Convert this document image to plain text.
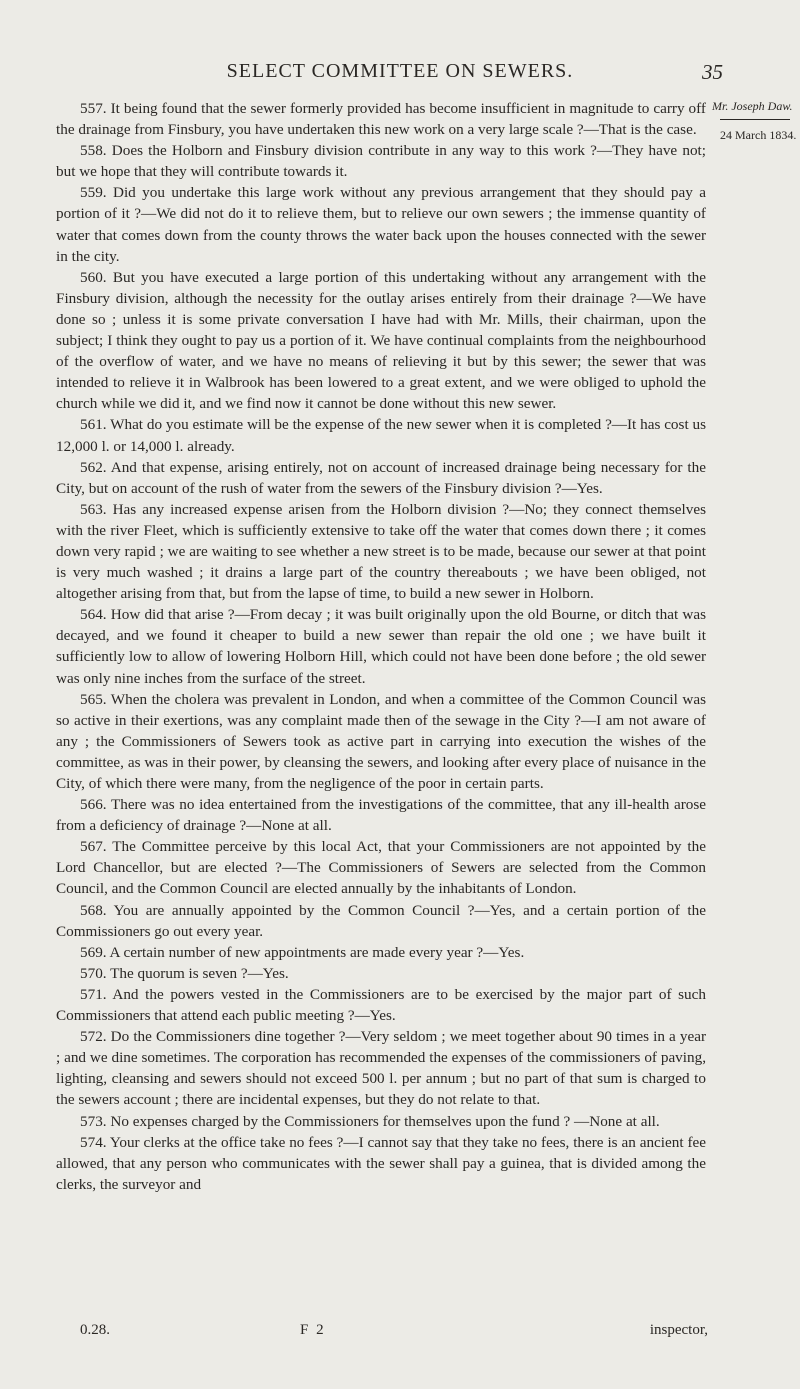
SELECT COMMITTEE ON SEWERS.	35
Mr. Joseph Daw.
24 March 1834.

557. It being found that the sewer formerly provided has become insufficient in magnitude to carry off the drainage from Finsbury, you have undertaken this new work on a very large scale ?—That is the case.

558. Does the Holborn and Finsbury division contribute in any way to this work ?—They have not; but we hope that they will contribute towards it.

559. Did you undertake this large work without any previous arrangement that they should pay a portion of it ?—We did not do it to relieve them, but to relieve our own sewers ; the immense quantity of water that comes down from the county throws the water back upon the houses connected with the sewer in the city.

560. But you have executed a large portion of this undertaking without any arrangement with the Finsbury division, although the necessity for the outlay arises entirely from their drainage ?—We have done so ; unless it is some private conversation I have had with Mr. Mills, their chairman, upon the subject; I think they ought to pay us a portion of it. We have continual complaints from the neighbourhood of the overflow of water, and we have no means of relieving it but by this sewer; the sewer that was intended to relieve it in Walbrook has been lowered to a great extent, and we were obliged to uphold the church while we did it, and we find now it cannot be done without this new sewer.

561. What do you estimate will be the expense of the new sewer when it is completed ?—It has cost us 12,000 l. or 14,000 l. already.

562. And that expense, arising entirely, not on account of increased drainage being necessary for the City, but on account of the rush of water from the sewers of the Finsbury division ?—Yes.

563. Has any increased expense arisen from the Holborn division ?—No; they connect themselves with the river Fleet, which is sufficiently extensive to take off the water that comes down there ; it comes down very rapid ; we are waiting to see whether a new street is to be made, because our sewer at that point is very much washed ; it drains a large part of the country thereabouts ; we have been obliged, not altogether arising from that, but from the lapse of time, to build a new sewer in Holborn.

564. How did that arise ?—From decay ; it was built originally upon the old Bourne, or ditch that was decayed, and we found it cheaper to build a new sewer than repair the old one ; we have built it sufficiently low to allow of lowering Holborn Hill, which could not have been done before ; the old sewer was only nine inches from the surface of the street.

565. When the cholera was prevalent in London, and when a committee of the Common Council was so active in their exertions, was any complaint made then of the sewage in the City ?—I am not aware of any ; the Commissioners of Sewers took as active part in carrying into execution the wishes of the committee, as was in their power, by cleansing the sewers, and looking after every place of nuisance in the City, of which there were many, from the negligence of the poor in certain parts.

566. There was no idea entertained from the investigations of the committee, that any ill-health arose from a deficiency of drainage ?—None at all.

567. The Committee perceive by this local Act, that your Commissioners are not appointed by the Lord Chancellor, but are elected ?—The Commissioners of Sewers are selected from the Common Council, and the Common Council are elected annually by the inhabitants of London.

568. You are annually appointed by the Common Council ?—Yes, and a certain portion of the Commissioners go out every year.

569. A certain number of new appointments are made every year ?—Yes.

570. The quorum is seven ?—Yes.

571. And the powers vested in the Commissioners are to be exercised by the major part of such Commissioners that attend each public meeting ?—Yes.

572. Do the Commissioners dine together ?—Very seldom ; we meet together about 90 times in a year ; and we dine sometimes. The corporation has recommended the expenses of the commissioners of paving, lighting, cleansing and sewers should not exceed 500 l. per annum ; but no part of that sum is charged to the sewers account ; there are incidental expenses, but they do not relate to that.

573. No expenses charged by the Commissioners for themselves upon the fund ? —None at all.

574. Your clerks at the office take no fees ?—I cannot say that they take no fees, there is an ancient fee allowed, that any person who communicates with the sewer shall pay a guinea, that is divided among the clerks, the surveyor and

0.28.	F 2	inspector,
